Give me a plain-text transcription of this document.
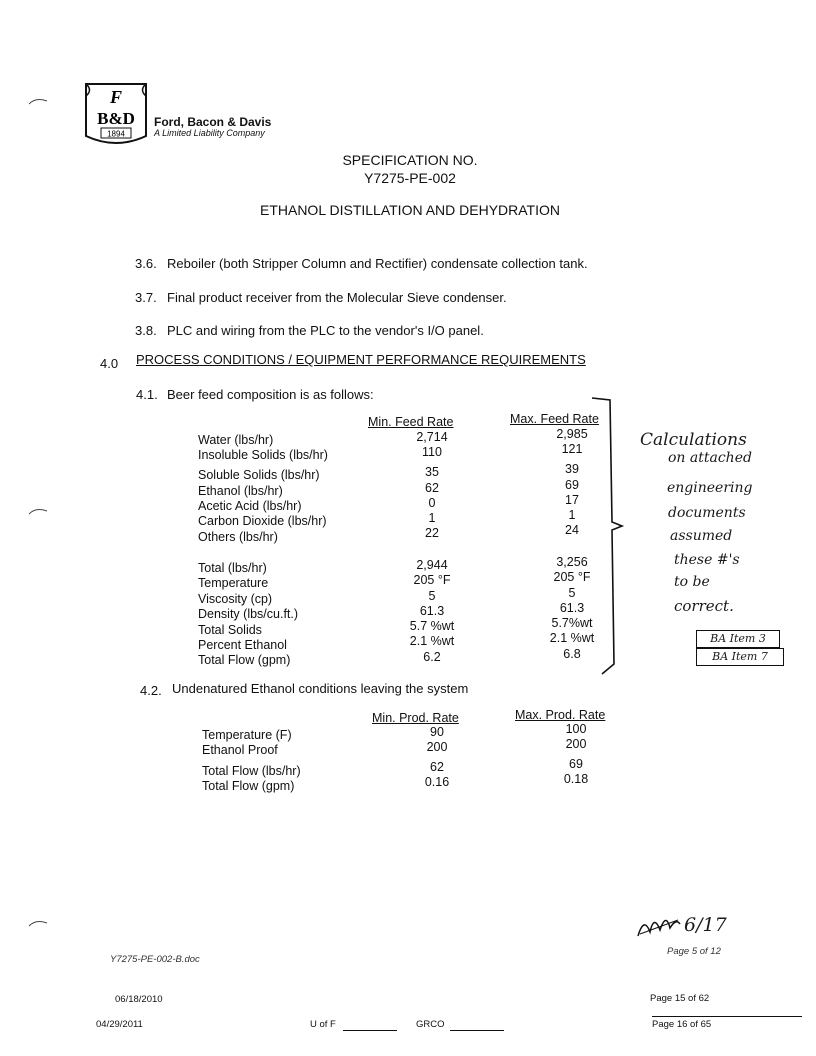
F
B&D
1894
Ford, Bacon & Davis
A Limited Liability Company
SPECIFICATION NO.
Y7275-PE-002
ETHANOL DISTILLATION AND DEHYDRATION
3.6. Reboiler (both Stripper Column and Rectifier) condensate collection tank.
3.7. Final product receiver from the Molecular Sieve condenser.
3.8. PLC and wiring from the PLC to the vendor's I/O panel.
4.0 PROCESS CONDITIONS / EQUIPMENT PERFORMANCE REQUIREMENTS
4.1. Beer feed composition is as follows:
Min. Feed Rate	Max. Feed Rate
Water (lbs/hr)	2,714	2,985
Insoluble Solids (lbs/hr)	110	121
Soluble Solids (lbs/hr)	35	39
Ethanol (lbs/hr)	62	69
Acetic Acid (lbs/hr)	0	17
Carbon Dioxide (lbs/hr)	1	1
Others (lbs/hr)	22	24
Total (lbs/hr)	2,944	3,256
Temperature	205 °F	205 °F
Viscosity (cp)	5	5
Density (lbs/cu.ft.)	61.3	61.3
Total Solids	5.7 %wt	5.7%wt
Percent Ethanol	2.1 %wt	2.1 %wt
Total Flow (gpm)	6.2	6.8
Calculations
on attached
engineering
documents
assumed
these #'s
to be
correct.
BA Item 3
BA Item 7
4.2. Undenatured Ethanol conditions leaving the system
Min. Prod. Rate	Max. Prod. Rate
Temperature (F)	90	100
Ethanol Proof	200	200
Total Flow (lbs/hr)	62	69
Total Flow (gpm)	0.16	0.18
6/17
Y7275-PE-002-B.doc
Page 5 of 12
06/18/2010	Page 15 of 62
04/29/2011	U of F	GRCO	Page 16 of 65
